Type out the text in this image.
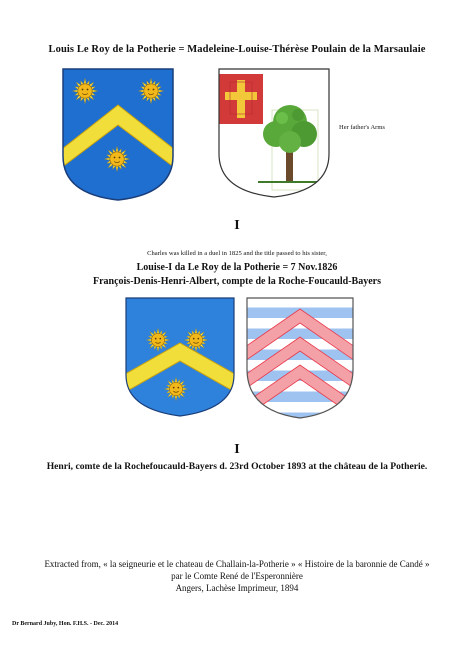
Louis Le Roy de la Potherie = Madeleine-Louise-Thérèse Poulain de la Marsaulaie
Her father's Arms
I
Charles was killed in a duel in 1825 and the title passed to his sister,
Louise-I da Le Roy de la Potherie = 7 Nov.1826
François-Denis-Henri-Albert, compte de la Roche-Foucauld-Bayers
I
Henri, comte de la Rochefoucauld-Bayers d. 23rd October 1893 at the château de la Potherie.
Extracted from, « la seigneurie et le chateau de Challain-la-Potherie » « Histoire de la baronnie de Candé »
par le Comte René de l'Esperonnière
Angers, Lachèse Imprimeur, 1894
Dr Bernard Juby, Hon. F.H.S. - Dec. 2014
